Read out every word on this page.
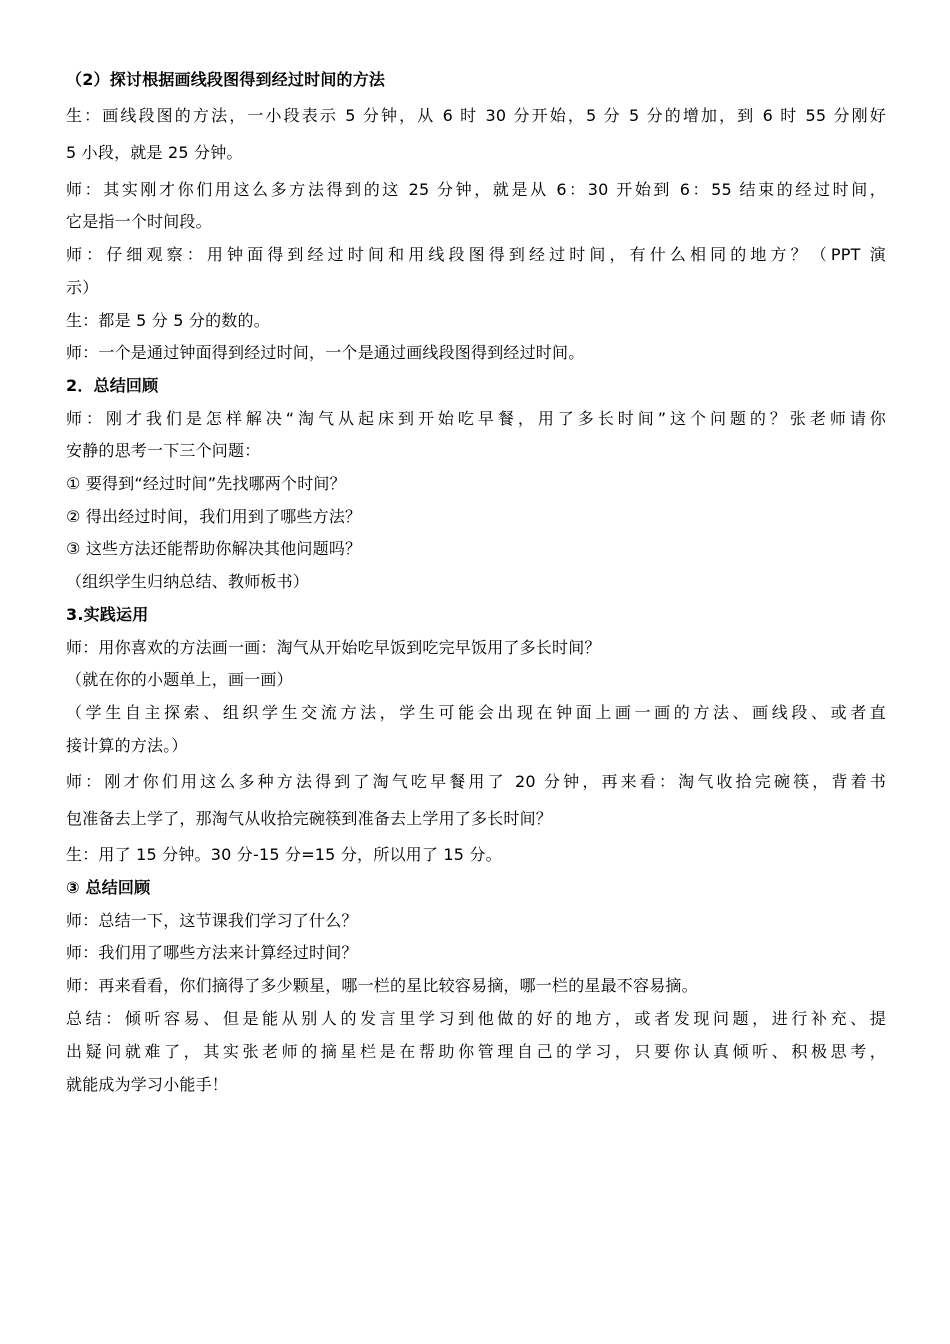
（2）探讨根据画线段图得到经过时间的方法
生：画线段图的方法，一小段表示 5 分钟，从 6 时 30 分开始，5 分 5 分的增加，到 6 时 55 分刚好
5 小段，就是 25 分钟。
师：其实刚才你们用这么多方法得到的这 25 分钟，就是从 6：30 开始到 6：55 结束的经过时间，
它是指一个时间段。
师：仔细观察：用钟面得到经过时间和用线段图得到经过时间，有什么相同的地方？（PPT 演
示）
生：都是 5 分 5 分的数的。
师：一个是通过钟面得到经过时间，一个是通过画线段图得到经过时间。
2．总结回顾
师：刚才我们是怎样解决“淘气从起床到开始吃早餐，用了多长时间”这个问题的？张老师请你
安静的思考一下三个问题：
① 要得到“经过时间”先找哪两个时间？
② 得出经过时间，我们用到了哪些方法？
③ 这些方法还能帮助你解决其他问题吗？
（组织学生归纳总结、教师板书）
3.实践运用
师：用你喜欢的方法画一画：淘气从开始吃早饭到吃完早饭用了多长时间？
（就在你的小题单上，画一画）
（学生自主探索、组织学生交流方法，学生可能会出现在钟面上画一画的方法、画线段、或者直
接计算的方法。）
师：刚才你们用这么多种方法得到了淘气吃早餐用了 20 分钟，再来看：淘气收拾完碗筷，背着书
包准备去上学了，那淘气从收拾完碗筷到准备去上学用了多长时间？
生：用了 15 分钟。30 分-15 分=15 分，所以用了 15 分。
③ 总结回顾
师：总结一下，这节课我们学习了什么？
师：我们用了哪些方法来计算经过时间？
师：再来看看，你们摘得了多少颗星，哪一栏的星比较容易摘，哪一栏的星最不容易摘。
总结：倾听容易、但是能从别人的发言里学习到他做的好的地方，或者发现问题，进行补充、提
出疑问就难了，其实张老师的摘星栏是在帮助你管理自己的学习，只要你认真倾听、积极思考，
就能成为学习小能手！
